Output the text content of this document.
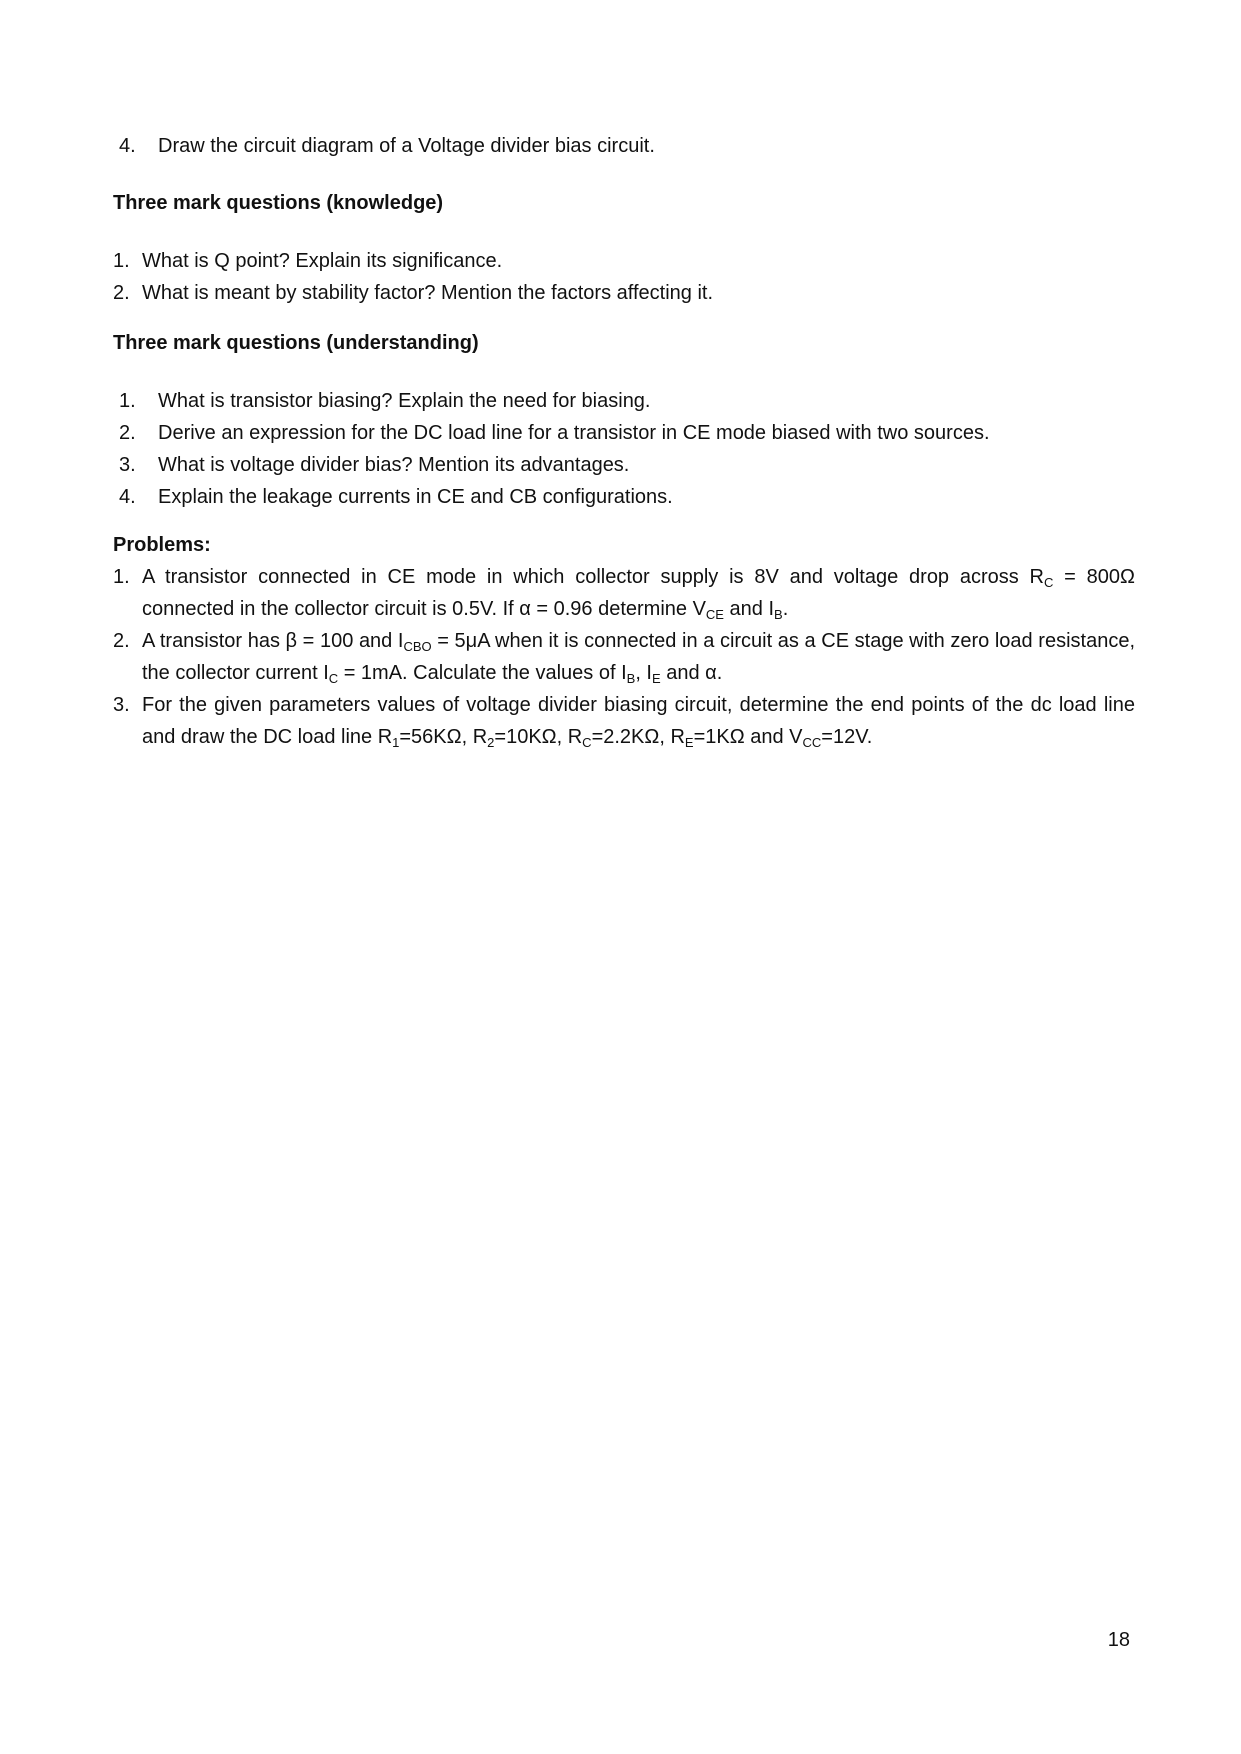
4. Draw the circuit diagram of a Voltage divider bias circuit.

Three mark questions (knowledge)

1. What is Q point? Explain its significance.
2. What is meant by stability factor? Mention the factors affecting it.

Three mark questions (understanding)

1. What is transistor biasing? Explain the need for biasing.
2. Derive an expression for the DC load line for a transistor in CE mode biased with two sources.
3. What is voltage divider bias? Mention its advantages.
4. Explain the leakage currents in CE and CB configurations.

Problems:

1. A transistor connected in CE mode in which collector supply is 8V and voltage drop across $R_C = 800\Omega$ connected in the collector circuit is 0.5V. If α = 0.96 determine $V_{CE}$ and $I_B$.
2. A transistor has β = 100 and $I_{CBO} = 5\mu A$ when it is connected in a circuit as a CE stage with zero load resistance, the collector current $I_C = 1mA$. Calculate the values of $I_B$, $I_E$ and α.
3. For the given parameters values of voltage divider biasing circuit, determine the end points of the dc load line and draw the DC load line $R_1=56K\Omega$, $R_2=10K\Omega$, $R_C=2.2K\Omega$, $R_E=1K\Omega$ and $V_{CC}=12V$.
18
